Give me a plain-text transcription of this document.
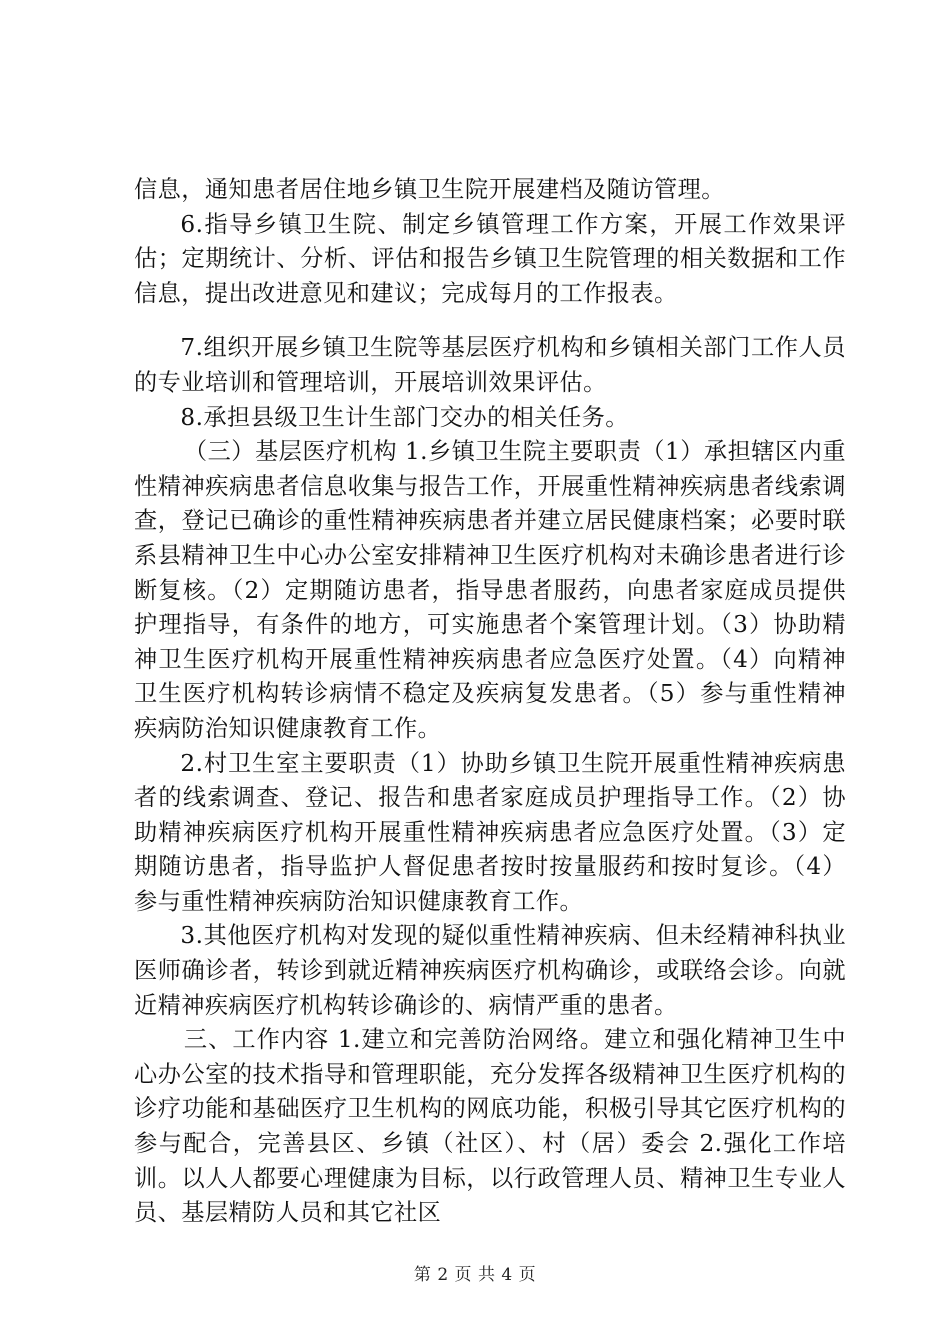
信息，通知患者居住地乡镇卫生院开展建档及随访管理。

6.指导乡镇卫生院、制定乡镇管理工作方案，开展工作效果评估；定期统计、分析、评估和报告乡镇卫生院管理的相关数据和工作信息，提出改进意见和建议；完成每月的工作报表。

7.组织开展乡镇卫生院等基层医疗机构和乡镇相关部门工作人员的专业培训和管理培训，开展培训效果评估。

8.承担县级卫生计生部门交办的相关任务。

（三）基层医疗机构 1.乡镇卫生院主要职责（1）承担辖区内重性精神疾病患者信息收集与报告工作，开展重性精神疾病患者线索调查，登记已确诊的重性精神疾病患者并建立居民健康档案；必要时联系县精神卫生中心办公室安排精神卫生医疗机构对未确诊患者进行诊断复核。（2）定期随访患者，指导患者服药，向患者家庭成员提供护理指导，有条件的地方，可实施患者个案管理计划。（3）协助精神卫生医疗机构开展重性精神疾病患者应急医疗处置。（4）向精神卫生医疗机构转诊病情不稳定及疾病复发患者。（5）参与重性精神疾病防治知识健康教育工作。

2.村卫生室主要职责（1）协助乡镇卫生院开展重性精神疾病患者的线索调查、登记、报告和患者家庭成员护理指导工作。（2）协助精神疾病医疗机构开展重性精神疾病患者应急医疗处置。（3）定期随访患者，指导监护人督促患者按时按量服药和按时复诊。（4）参与重性精神疾病防治知识健康教育工作。

3.其他医疗机构对发现的疑似重性精神疾病、但未经精神科执业医师确诊者，转诊到就近精神疾病医疗机构确诊，或联络会诊。向就近精神疾病医疗机构转诊确诊的、病情严重的患者。

三、工作内容 1.建立和完善防治网络。建立和强化精神卫生中心办公室的技术指导和管理职能，充分发挥各级精神卫生医疗机构的诊疗功能和基础医疗卫生机构的网底功能，积极引导其它医疗机构的参与配合，完善县区、乡镇（社区）、村（居）委会 2.强化工作培训。以人人都要心理健康为目标，以行政管理人员、精神卫生专业人员、基层精防人员和其它社区

第 2 页 共 4 页
